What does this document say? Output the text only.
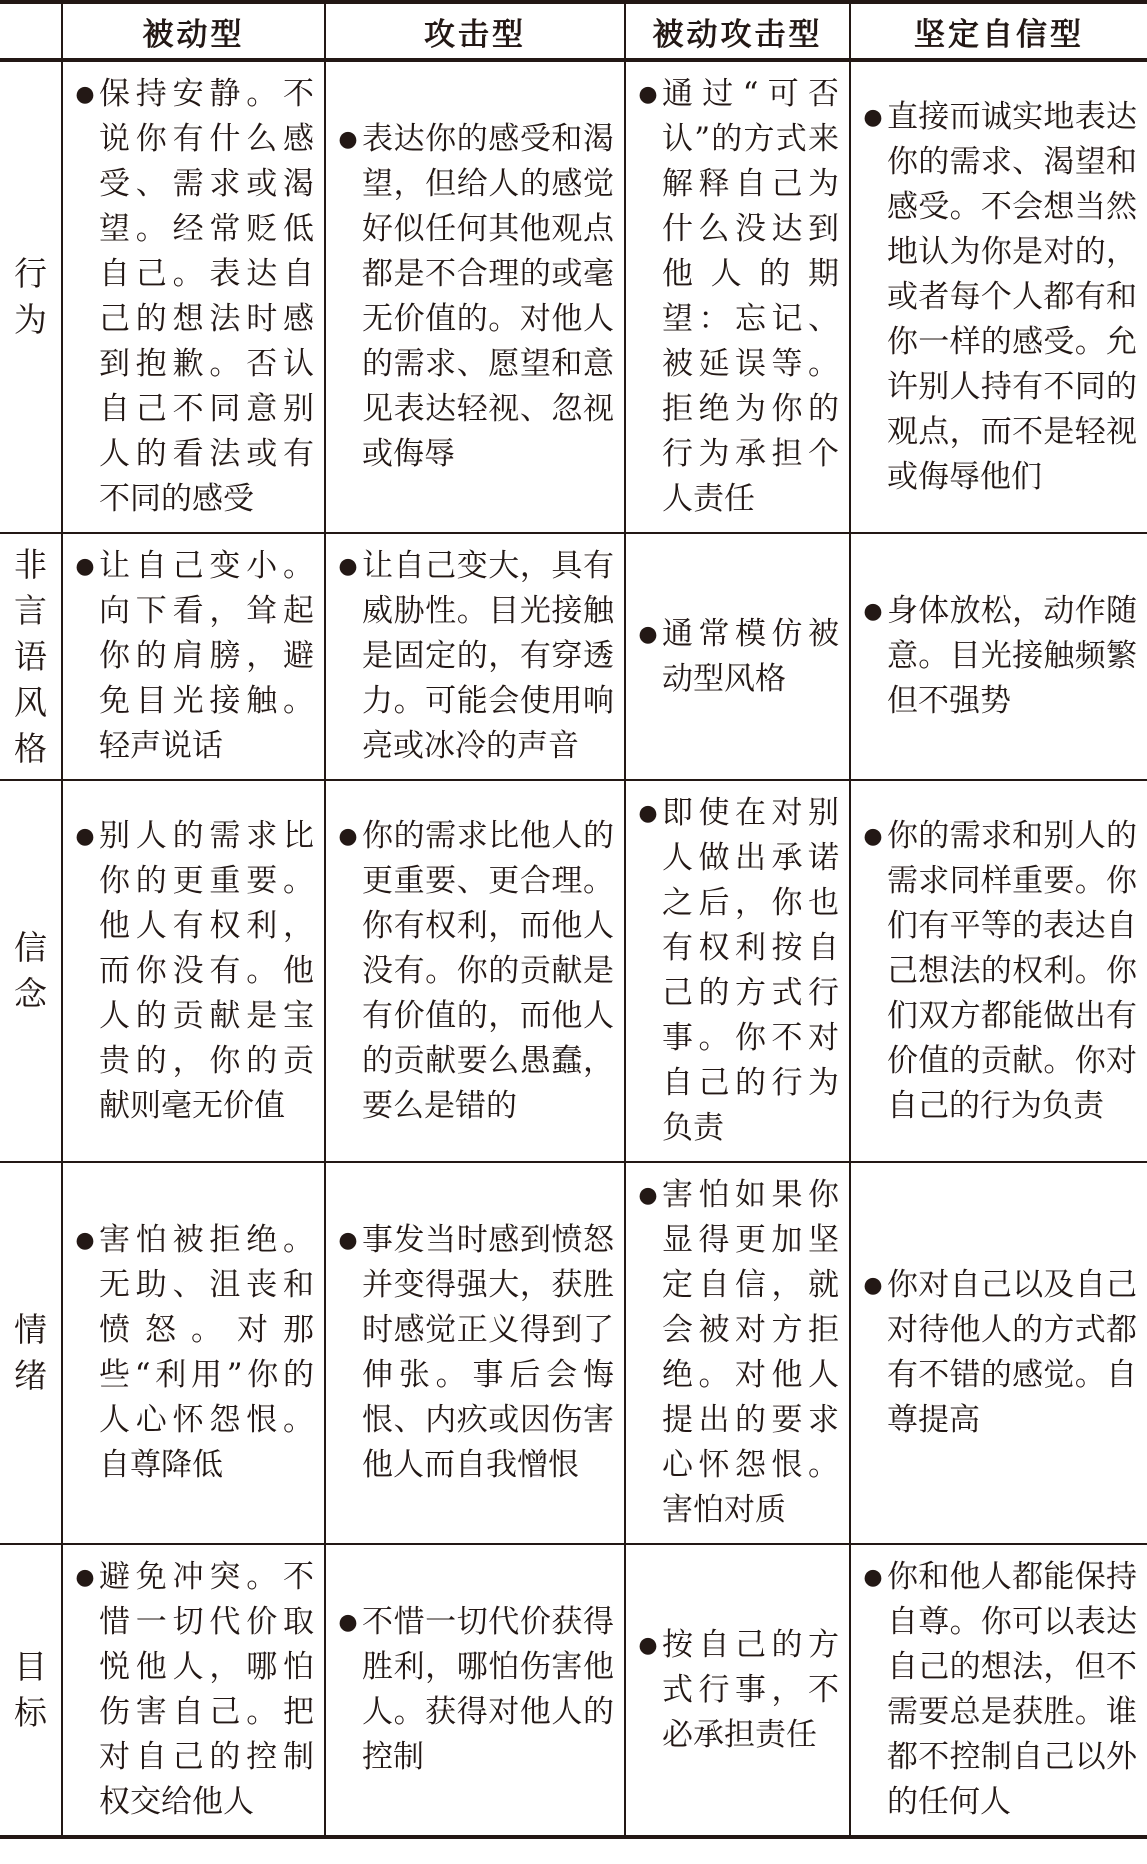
	被动型	攻击型	被动攻击型	坚定自信型
行为	● 保持安静。不说你有什么感受、需求或渴望。经常贬低自己。表达自己的想法时感到抱歉。否认自己不同意别人的看法或有不同的感受	● 表达你的感受和渴望，但给人的感觉好似任何其他观点都是不合理的或毫无价值的。对他人的需求、愿望和意见表达轻视、忽视或侮辱	● 通过“可否认”的方式来解释自己为什么没达到他人的期望：忘记、被延误等。拒绝为你的行为承担个人责任	● 直接而诚实地表达你的需求、渴望和感受。不会想当然地认为你是对的，或者每个人都有和你一样的感受。允许别人持有不同的观点，而不是轻视或侮辱他们

非言语风格	● 让自己变小。向下看，耸起你的肩膀，避免目光接触。轻声说话	● 让自己变大，具有威胁性。目光接触是固定的，有穿透力。可能会使用响亮或冰冷的声音	● 通常模仿被动型风格	● 身体放松，动作随意。目光接触频繁但不强势

信念	● 别人的需求比你的更重要。他人有权利，而你没有。他人的贡献是宝贵的，你的贡献则毫无价值	● 你的需求比他人的更重要、更合理。你有权利，而他人没有。你的贡献是有价值的，而他人的贡献要么愚蠢，要么是错的	● 即使在对别人做出承诺之后，你也有权利按自己的方式行事。你不对自己的行为负责	● 你的需求和别人的需求同样重要。你们有平等的表达自己想法的权利。你们双方都能做出有价值的贡献。你对自己的行为负责

情绪	● 害怕被拒绝。无助、沮丧和愤怒。对那些“利用”你的人心怀怨恨。自尊降低	● 事发当时感到愤怒并变得强大，获胜时感觉正义得到了伸张。事后会悔恨、内疚或因伤害他人而自我憎恨	● 害怕如果你显得更加坚定自信，就会被对方拒绝。对他人提出的要求心怀怨恨。害怕对质	● 你对自己以及自己对待他人的方式都有不错的感觉。自尊提高

目标	● 避免冲突。不惜一切代价取悦他人，哪怕伤害自己。把对自己的控制权交给他人	● 不惜一切代价获得胜利，哪怕伤害他人。获得对他人的控制	● 按自己的方式行事，不必承担责任	● 你和他人都能保持自尊。你可以表达自己的想法，但不需要总是获胜。谁都不控制自己以外的任何人
